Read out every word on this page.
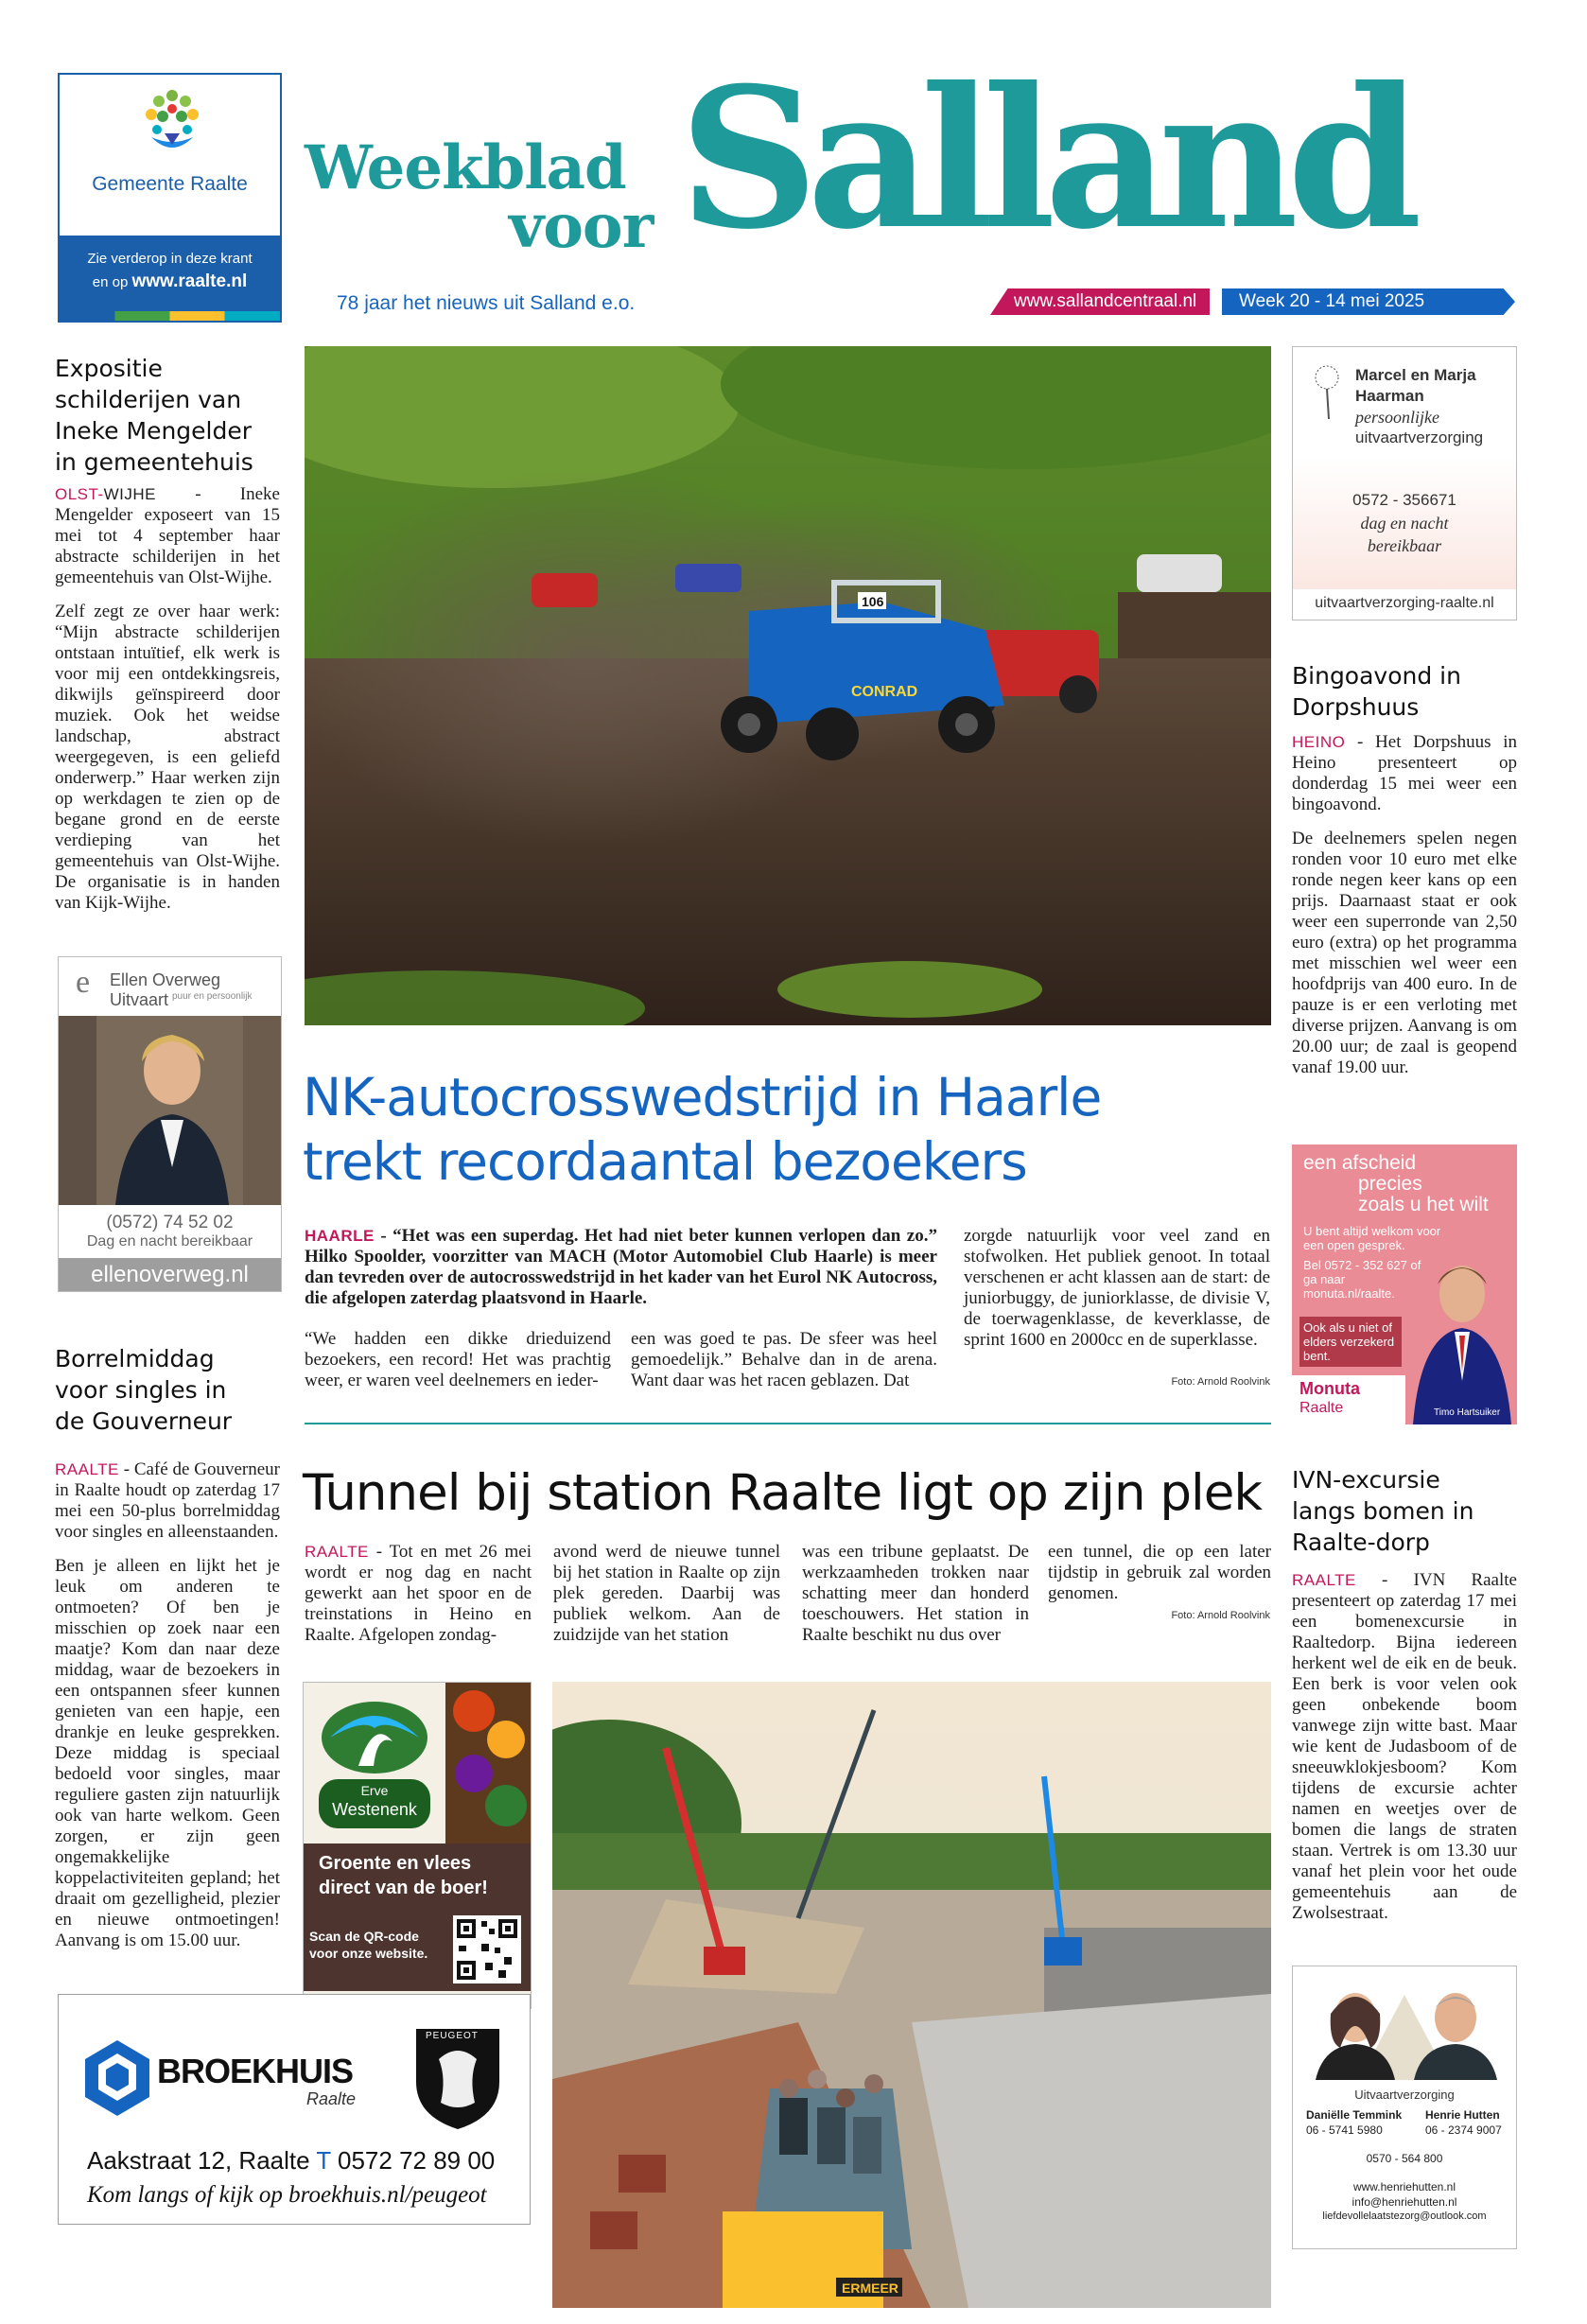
Gemeente Raalte
Zie verderop in deze krant
en op www.raalte.nl
Weekblad
voor Salland
78 jaar het nieuws uit Salland e.o.	www.sallandcentraal.nl Week 20 - 14 mei 2025
Expositie schilderijen van Ineke Mengelder in gemeentehuis

OLST-WIJHE - Ineke Mengelder exposeert van 15 mei tot 4 september haar abstracte schilderijen in het gemeentehuis van Olst-Wijhe.

Zelf zegt ze over haar werk: “Mijn abstracte schilderijen ontstaan intuïtief, elk werk is voor mij een ontdekkingsreis, dikwijls geïnspireerd door muziek. Ook het weidse landschap, abstract weergegeven, is een geliefd onderwerp.” Haar werken zijn op werkdagen te zien op de begane grond en de eerste verdieping van het gemeentehuis van Olst-Wijhe. De organisatie is in handen van Kijk-Wijhe.

e Ellen Overweg Uitvaart puur en persoonlijk
(0572) 74 52 02
Dag en nacht bereikbaar
ellenoverweg.nl
Borrelmiddag voor singles in de Gouverneur

RAALTE - Café de Gouverneur in Raalte houdt op zaterdag 17 mei een 50-plus borrelmiddag voor singles en alleenstaanden.

Ben je alleen en lijkt het je leuk om anderen te ontmoeten? Of ben je misschien op zoek naar een maatje? Kom dan naar deze middag, waar de bezoekers in een ontspannen sfeer kunnen genieten van een hapje, een drankje en leuke gesprekken. Deze middag is speciaal bedoeld voor singles, maar reguliere gasten zijn natuurlijk ook van harte welkom. Geen zorgen, er zijn geen ongemakkelijke koppelactiviteiten gepland; het draait om gezelligheid, plezier en nieuwe ontmoetingen! Aanvang is om 15.00 uur.

106
CONRAD
NK-autocrosswedstrijd in Haarle
trekt recordaantal bezoekers
HAARLE - “Het was een superdag. Het had niet beter kunnen verlopen dan zo.” Hilko Spoolder, voorzitter van MACH (Motor Automobiel Club Haarle) is meer dan tevreden over de autocrosswedstrijd in het kader van het Eurol NK Autocross, die afgelopen zaterdag plaatsvond in Haarle.
“We hadden een dikke drieduizend bezoekers, een record! Het was prachtig weer, er waren veel deelnemers en ieder-
een was goed te pas. De sfeer was heel gemoedelijk.” Behalve dan in de arena. Want daar was het racen geblazen. Dat
zorgde natuurlijk voor veel zand en stofwolken. Het publiek genoot. In totaal verschenen er acht klassen aan de start: de juniorbuggy, de juniorklasse, de divisie V, de toerwagenklasse, de keverklasse, de sprint 1600 en 2000cc en de superklasse.
Foto: Arnold Roolvink
Tunnel bij station Raalte ligt op zijn plek
RAALTE - Tot en met 26 mei wordt er nog dag en nacht gewerkt aan het spoor en de treinstations in Heino en Raalte. Afgelopen zondag-
avond werd de nieuwe tunnel bij het station in Raalte op zijn plek gereden. Daarbij was publiek welkom. Aan de zuidzijde van het station
was een tribune geplaatst. De werkzaamheden trokken naar schatting meer dan honderd toeschouwers. Het station in Raalte beschikt nu dus over
een tunnel, die op een later tijdstip in gebruik zal worden genomen.
Foto: Arnold Roolvink
Erve
Westenenk
Groente en vlees
direct van de boer!
Scan de QR-code
voor onze website.
ERMEER
BROEKHUIS
Raalte
PEUGEOT
Aakstraat 12, Raalte T 0572 72 89 00
Kom langs of kijk op broekhuis.nl/peugeot
Marcel en Marja
Haarman
persoonlijke
uitvaartverzorging
0572 - 356671
dag en nacht
bereikbaar
uitvaartverzorging-raalte.nl
Bingoavond in Dorpshuus

HEINO - Het Dorpshuus in Heino presenteert op donderdag 15 mei weer een bingoavond.

De deelnemers spelen negen ronden voor 10 euro met elke ronde negen keer kans op een prijs. Daarnaast staat er ook weer een superronde van 2,50 euro (extra) op het programma met misschien wel weer een hoofdprijs van 400 euro. In de pauze is er een verloting met diverse prijzen. Aanvang is om 20.00 uur; de zaal is geopend vanaf 19.00 uur.

een afscheid
precies
zoals u het wilt
U bent altijd welkom voor een open gesprek.
Bel 0572 - 352 627 of ga naar monuta.nl/raalte.
Ook als u niet of elders verzekerd bent.
Timo Hartsuiker
Monuta
Raalte
IVN-excursie langs bomen in Raalte-dorp

RAALTE - IVN Raalte presenteert op zaterdag 17 mei een bomenexcursie in Raaltedorp. Bijna iedereen herkent wel de eik en de beuk. Een berk is voor velen ook geen onbekende boom vanwege zijn witte bast. Maar wie kent de Judasboom of de sneeuwklokjesboom? Kom tijdens de excursie achter namen en weetjes over de bomen die langs de straten staan. Vertrek is om 13.30 uur vanaf het plein voor het oude gemeentehuis aan de Zwolsestraat.

Uitvaartverzorging
Daniëlle Temmink
06 - 5741 5980
Henrie Hutten
06 - 2374 9007
0570 - 564 800
www.henriehutten.nl
info@henriehutten.nl
liefdevollelaatstezorg@outlook.com
